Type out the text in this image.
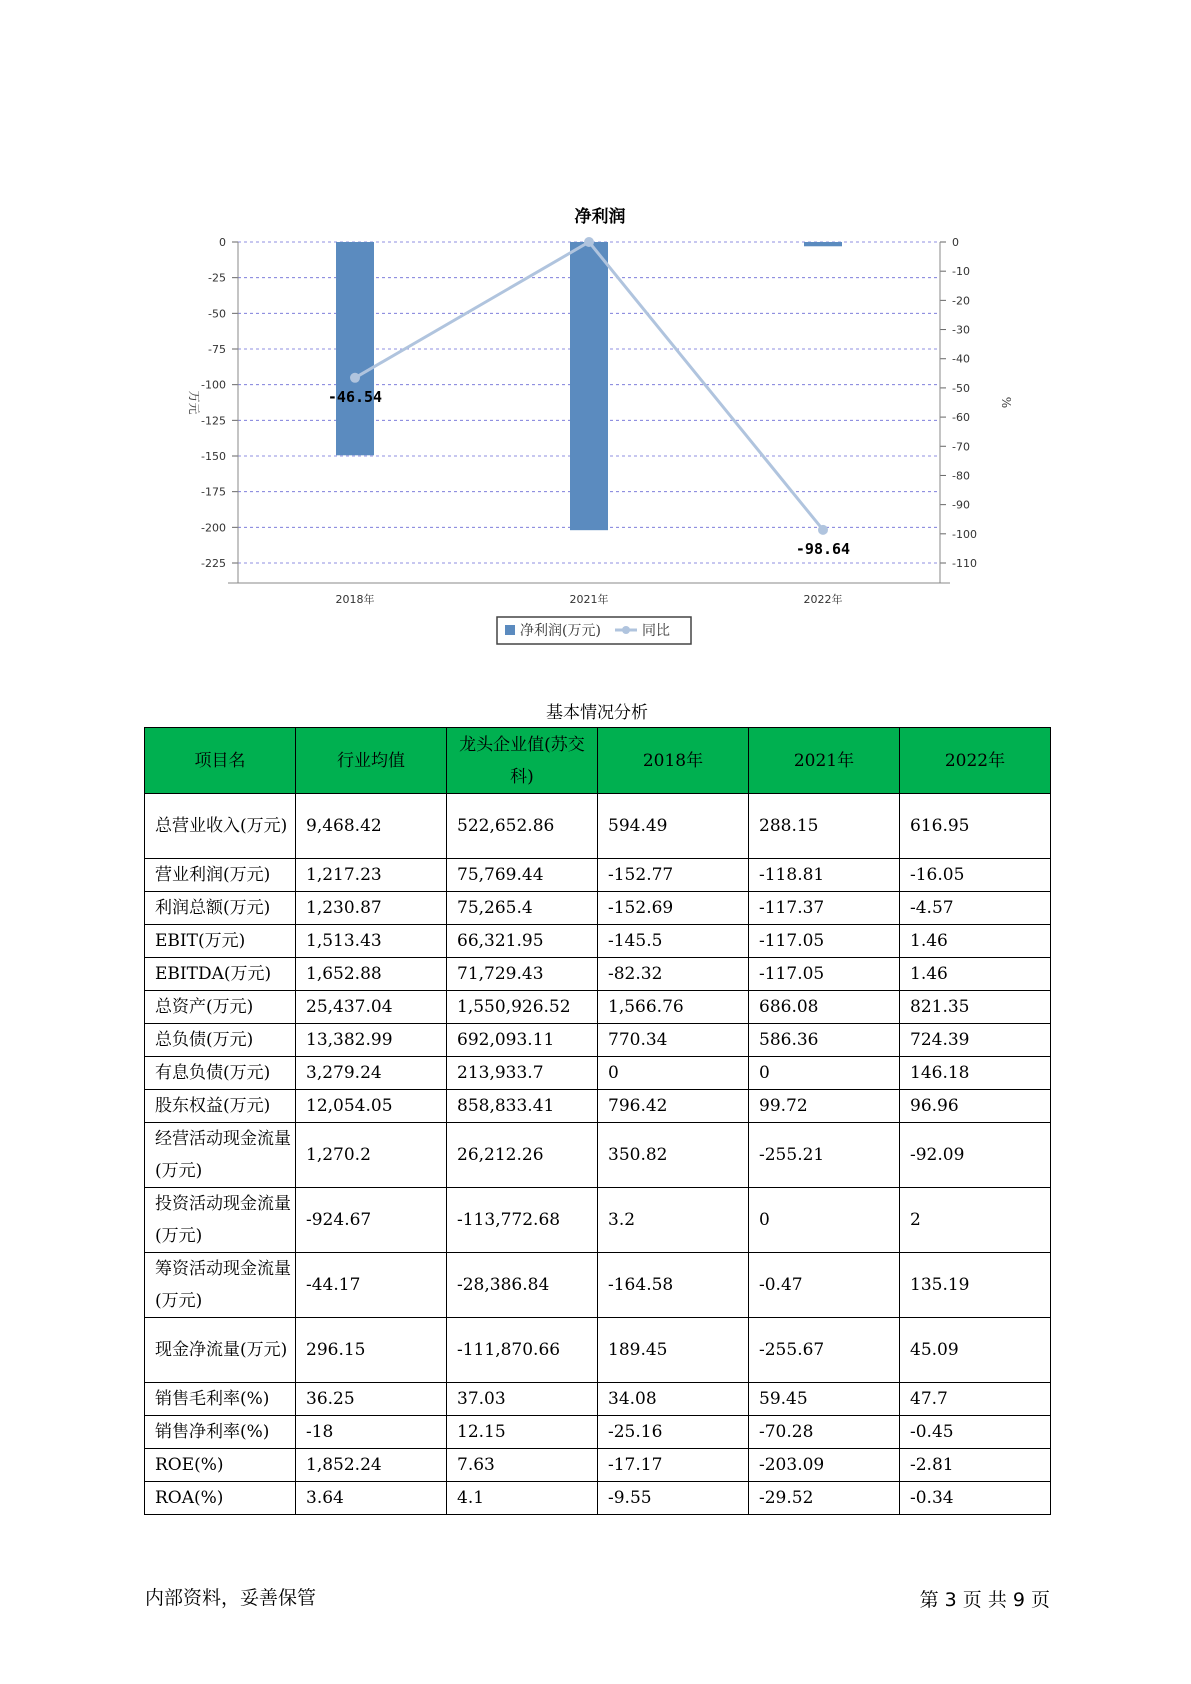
净利润
0
-25
-50
-75
-100
-125
-150
-175
-200
-225
0
-10
-20
-30
-40
-50
-60
-70
-80
-90
-100
-110
万元	%
-46.54
-98.64
2018年	2021年	2022年
净利润(万元)	同比
基本情况分析
项目名	行业均值	龙头企业值(苏交科)	2018年	2021年	2022年
总营业收入(万元)	9,468.42	522,652.86	594.49	288.15	616.95
营业利润(万元)	1,217.23	75,769.44	-152.77	-118.81	-16.05
利润总额(万元)	1,230.87	75,265.4	-152.69	-117.37	-4.57
EBIT(万元)	1,513.43	66,321.95	-145.5	-117.05	1.46
EBITDA(万元)	1,652.88	71,729.43	-82.32	-117.05	1.46
总资产(万元)	25,437.04	1,550,926.52	1,566.76	686.08	821.35
总负债(万元)	13,382.99	692,093.11	770.34	586.36	724.39
有息负债(万元)	3,279.24	213,933.7	0	0	146.18
股东权益(万元)	12,054.05	858,833.41	796.42	99.72	96.96
经营活动现金流量(万元)	1,270.2	26,212.26	350.82	-255.21	-92.09
投资活动现金流量(万元)	-924.67	-113,772.68	3.2	0	2
筹资活动现金流量(万元)	-44.17	-28,386.84	-164.58	-0.47	135.19
现金净流量(万元)	296.15	-111,870.66	189.45	-255.67	45.09
销售毛利率(%)	36.25	37.03	34.08	59.45	47.7
销售净利率(%)	-18	12.15	-25.16	-70.28	-0.45
ROE(%)	1,852.24	7.63	-17.17	-203.09	-2.81
ROA(%)	3.64	4.1	-9.55	-29.52	-0.34
内部资料，妥善保管	第 3 页 共 9 页
